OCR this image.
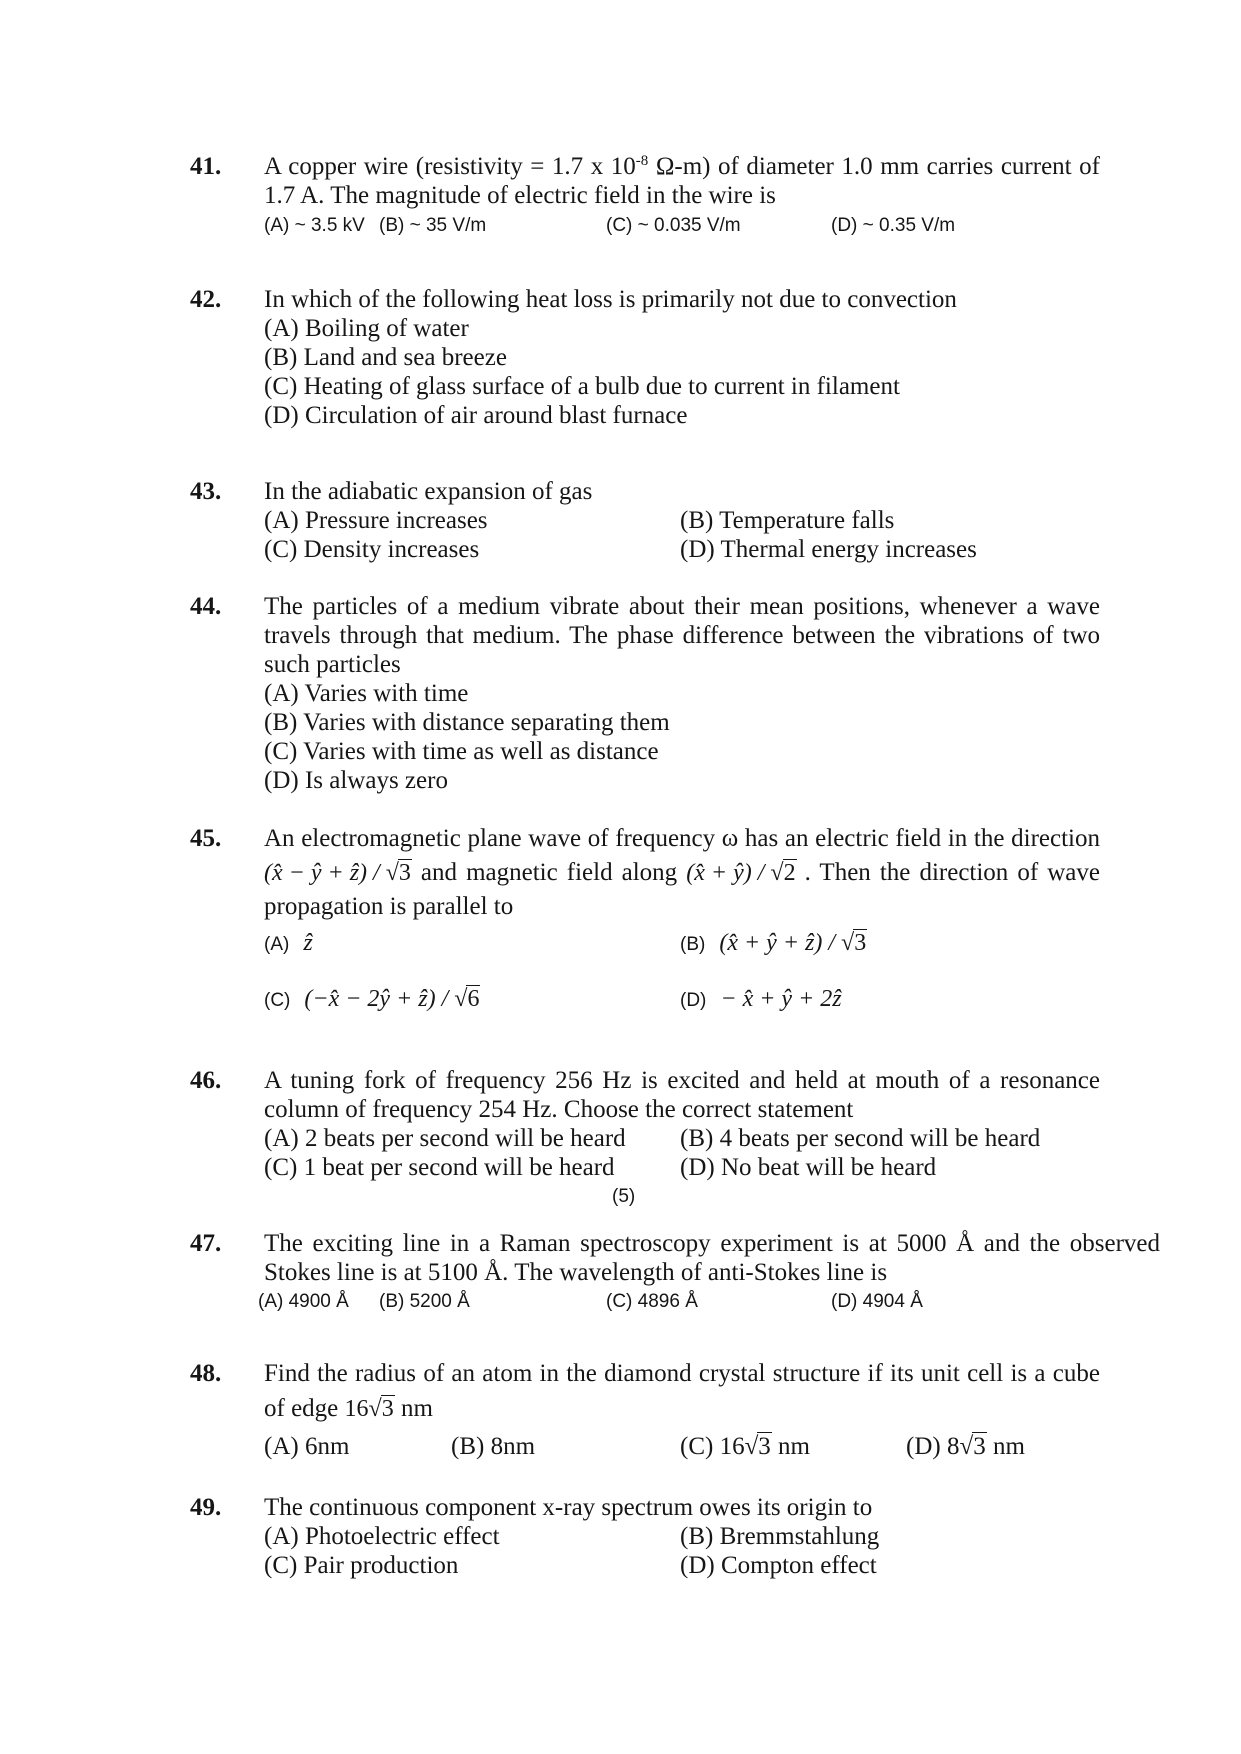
41. A copper wire (resistivity = 1.7 x $10^{-8}$ Ω-m) of diameter 1.0 mm carries current of
1.7 A. The magnitude of electric field in the wire is
(A) ~ 3.5 kV (B) ~ 35 V/m	(C) ~ 0.035 V/m	(D) ~ 0.35 V/m
42. In which of the following heat loss is primarily not due to convection
(A) Boiling of water
(B) Land and sea breeze
(C) Heating of glass surface of a bulb due to current in filament
(D) Circulation of air around blast furnace
43. In the adiabatic expansion of gas
(A) Pressure increases	(B) Temperature falls
(C) Density increases	(D) Thermal energy increases
44. The particles of a medium vibrate about their mean positions, whenever a wave
travels through that medium. The phase difference between the vibrations of two
such particles
(A) Varies with time
(B) Varies with distance separating them
(C) Varies with time as well as distance
(D) Is always zero
45. An electromagnetic plane wave of frequency ω has an electric field in the direction
(x̂ − ŷ + ẑ) / √3 and magnetic field along (x̂ + ŷ) / √2 . Then the direction of wave
propagation is parallel to
(A) ẑ	(B) (x̂ + ŷ + ẑ) / √3
(C) (−x̂ − 2ŷ + ẑ) / √6	(D) − x̂ + ŷ + 2ẑ
46. A tuning fork of frequency 256 Hz is excited and held at mouth of a resonance
column of frequency 254 Hz. Choose the correct statement
(A) 2 beats per second will be heard (B) 4 beats per second will be heard
(C) 1 beat per second will be heard	(D) No beat will be heard
(5)
47. The exciting line in a Raman spectroscopy experiment is at 5000 Å and the observed
Stokes line is at 5100 Å. The wavelength of anti-Stokes line is
(A) 4900 Å (B) 5200 Å	(C) 4896 Å	(D) 4904 Å
48. Find the radius of an atom in the diamond crystal structure if its unit cell is a cube
of edge 16√3 nm
(A) 6nm	(B) 8nm	(C) 16√3 nm	(D) 8√3 nm
49. The continuous component x-ray spectrum owes its origin to
(A) Photoelectric effect	(B) Bremmstahlung
(C) Pair production	(D) Compton effect
